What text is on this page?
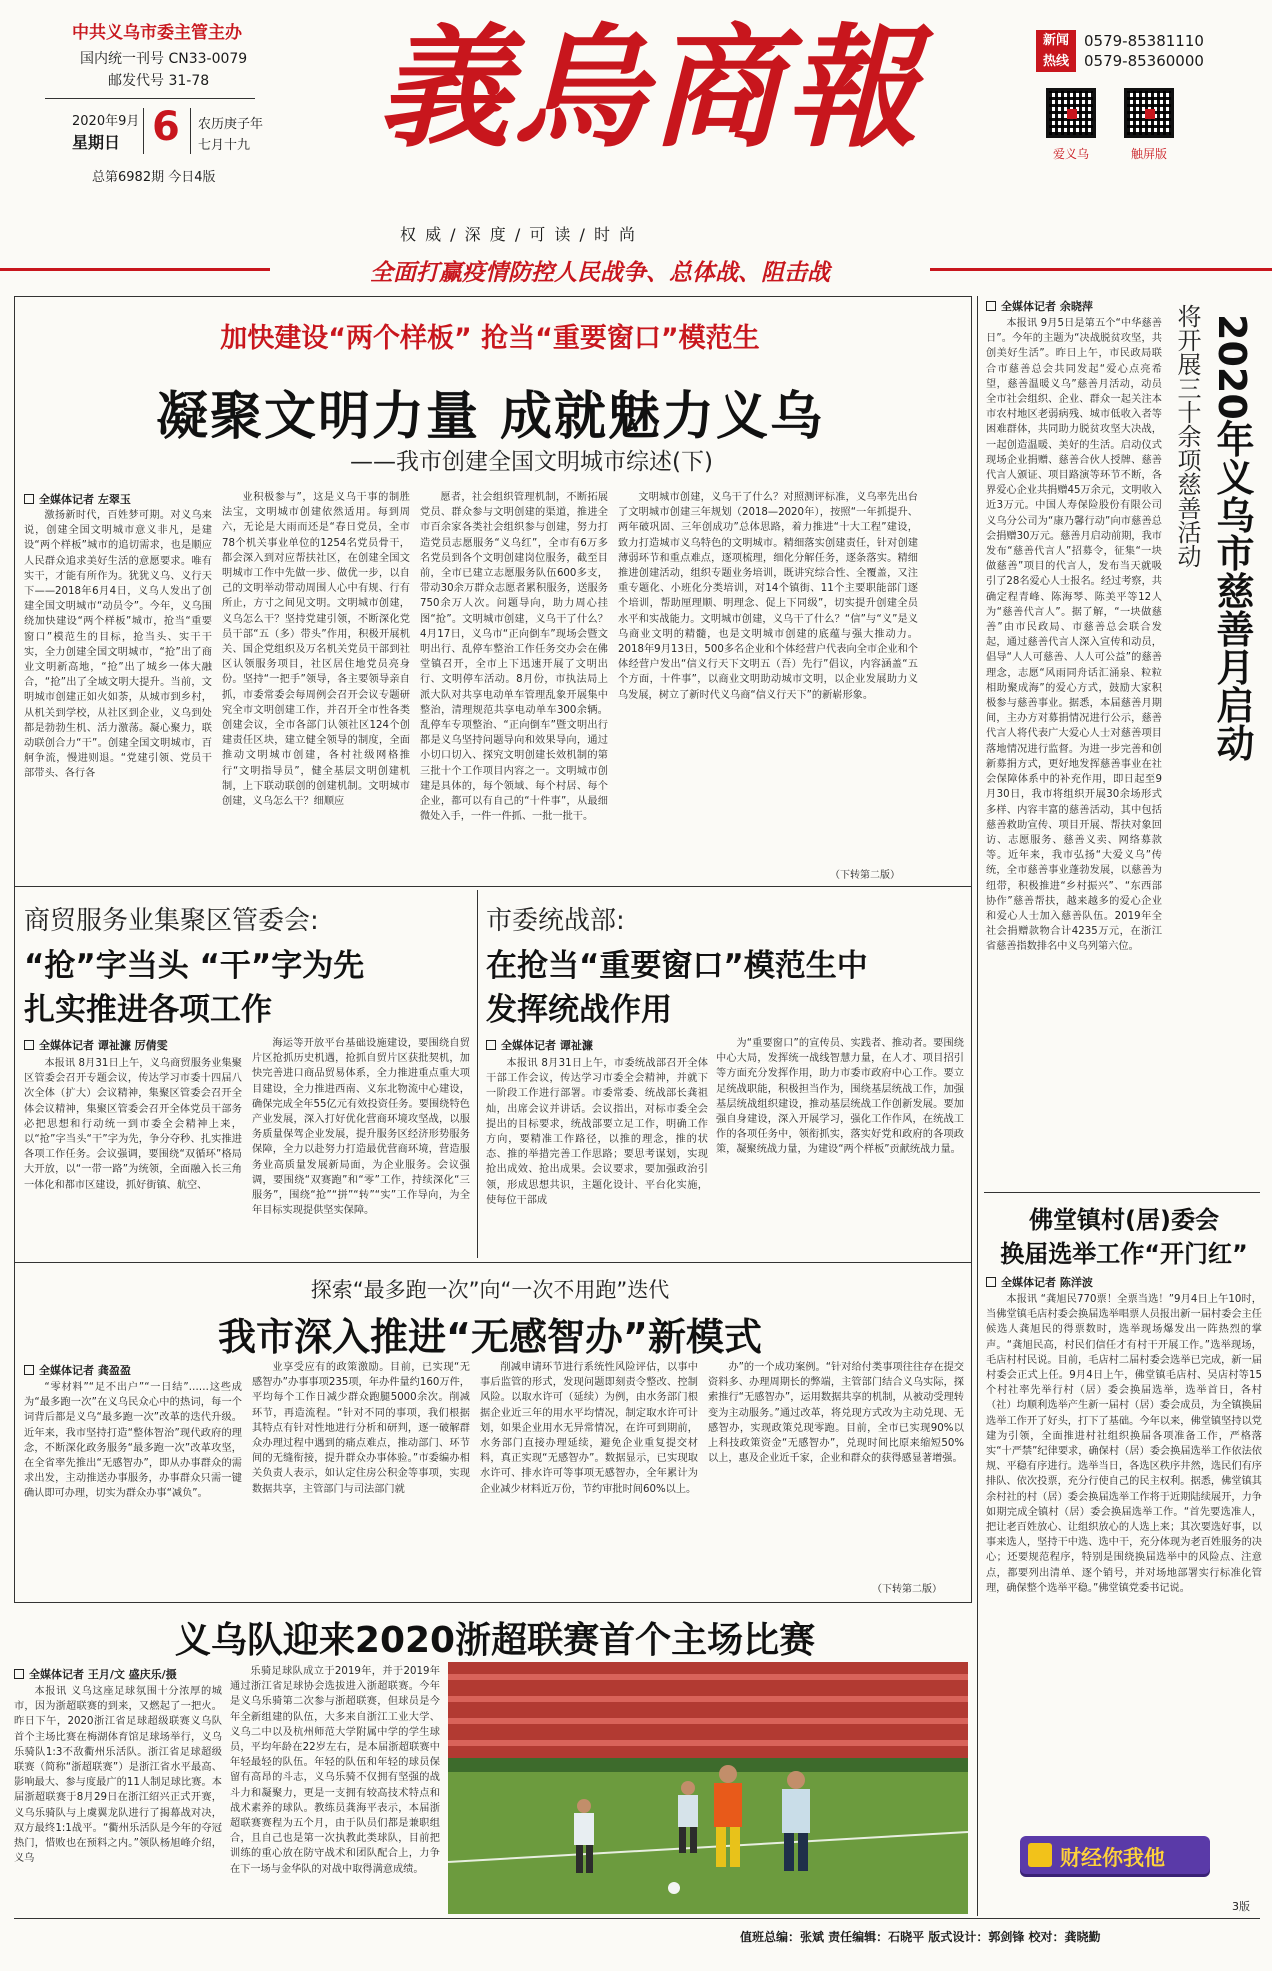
中共义乌市委主管主办
国内统一刊号 CN33-0079
邮发代号 31-78
2020年9月
星期日 6 农历庚子年
七月十九
总第6982期 今日4版
義烏商報
权 威 / 深 度 / 可 读 / 时 尚
新闻
热线
0579-85381110
0579-85360000
爱义乌	触屏版
全面打赢疫情防控人民战争、总体战、阻击战
加快建设“两个样板” 抢当“重要窗口”模范生
凝聚文明力量 成就魅力义乌
——我市创建全国文明城市综述(下)
全媒体记者 左翠玉

激扬新时代，百姓梦可期。对义乌来说，创建全国文明城市意义非凡，是建设“两个样板”城市的追切需求，也是顺应人民群众追求美好生活的意愿要求。唯有实干，才能有所作为。犹犹义乌、义行天下——2018年6月4日，义乌人发出了创建全国文明城市“动员令”。今年，义乌围绕加快建设“两个样板”城市，抢当“重要窗口”模范生的目标，抢当头、实干干实，全力创建全国文明城市，“抢”出了商业文明新高地，“抢”出了城乡一体大融合，“抢”出了全域文明大提升。当前，文明城市创建正如火如荼，从城市到乡村，从机关到学校，从社区到企业，义乌到处都是勃勃生机、活力激荡。凝心聚力，联动联创合力“干”。创建全国文明城市，百舸争流，慢进则退。“党建引领、党员干部带头、各行各

业积极参与”，这是义乌干事的制胜法宝，文明城市创建依然适用。每到周六，无论是大雨而还是“春日党员，全市78个机关事业单位的1254名党员骨干，都会深入到对应帮扶社区，在创建全国文明城市工作中先做一步、做优一步，以自己的文明举动带动周围人心中有规、行有所止，方寸之间见文明。文明城市创建，义乌怎么干？坚持党建引领，不断深化党员干部“五（多）带头”作用，积极开展机关、国企党组织及万名机关党员干部到社区认领服务项目，社区居住地党员亮身份。坚持“一把手”领导，各主要领导亲自抓，市委常委会每周例会召开会议专题研究全市文明创建工作，并召开全市性各类创建会议，全市各部门认领社区124个创建责任区块，建立健全领导的制度，全面推动文明城市创建，各村社级网格推行“文明指导员”，健全基层文明创建机制，上下联动联创的创建机制。文明城市创建，义乌怎么干？细顺应

愿者，社会组织管理机制，不断拓展党员、群众参与文明创建的渠道，推进全市百余家各类社会组织参与创建，努力打造党员志愿服务“义乌红”，全市有6万多名党员到各个文明创建岗位服务，截至目前，全市已建立志愿服务队伍600多支，带动30余万群众志愿者累积服务，送服务750余万人次。问题导向，助力周心挂图“抢”。文明城市创建，义乌干了什么？4月17日，义乌市“正向倒车”现场会暨文明出行、乱停车整治工作任务交办会在佛堂镇召开，全市上下迅速开展了文明出行、文明停车活动。8月份，市执法局上派大队对共享电动单车管理乱象开展集中整治，清理规范共享电动单车300余辆。乱停车专项整治、“正向倒车”暨文明出行都是义乌坚持问题导向和效果导向，通过小切口切入、探究文明创建长效机制的第三批十个工作项目内容之一。文明城市创建是具体的，每个领域、每个村居、每个企业，都可以有自己的“十件事”，从最细微处入手，一件一件抓、一批一批干。

文明城市创建，义乌干了什么？对照测评标准，义乌率先出台了文明城市创建三年规划（2018—2020年），按照“一年抓提升、两年破巩固、三年创成功”总体思路，着力推进“十大工程”建设，致力打造城市义乌特色的文明城市。精细落实创建责任，针对创建薄弱环节和重点难点，逐项梳理，细化分解任务，逐条落实。精细推进创建活动，组织专题业务培训，既讲究综合性、全覆盖，又注重专题化、小班化分类培训，对14个镇街、11个主要职能部门逐个培训，帮助厘理顺、明理念、促上下同级”，切实提升创建全员水平和实战能力。文明城市创建，义乌干了什么？“信”与“义”是义乌商业文明的精髓，也是文明城市创建的底蕴与强大推动力。2018年9月13日，500多名企业和个体经营户代表向全市企业和个体经营户发出“信义行天下文明五（吾）先行”倡议，内容涵盖“五个方面，十件事”，以商业文明助动城市文明，以企业发展助力义乌发展，树立了新时代义乌商“信义行天下”的新崭形象。

（下转第二版）
商贸服务业集聚区管委会:
“抢”字当头 “干”字为先
扎实推进各项工作
全媒体记者 谭祉濂 厉倩雯

本报讯 8月31日上午，义乌商贸服务业集聚区管委会召开专题会议，传达学习市委十四届八次全体（扩大）会议精神，集聚区管委会召开全体会议精神，集聚区管委会召开全体党员干部务必把思想和行动统一到市委全会精神上来，以“抢”字当头“干”字为先，争分夺秒、扎实推进各项工作任务。会议强调，要围绕“双循环”格局大开放，以“一带一路”为统领，全面融入长三角一体化和都市区建设，抓好街镇、航空、

海运等开放平台基础设施建设，要围绕自贸片区抢抓历史机遇，抢抓自贸片区获批契机，加快完善进口商品贸易体系，全力推进重点重大项目建设，全力推进西南、义东北物流中心建设，确保完成全年55亿元有效投资任务。要围绕特色产业发展，深入打好优化营商环境攻坚战，以服务质量保驾企业发展，提升服务区经济形势服务保障，全力以赴努力打造最优营商环境，营造服务业高质量发展新局面，为企业服务。会议强调，要围绕“双赛跑”和“零”工作，持续深化“三服务”，围绕“抢”“拼”“转”“实”工作导向，为全年目标实现提供坚实保障。

市委统战部:
在抢当“重要窗口”模范生中
发挥统战作用
全媒体记者 谭祉濂

本报讯 8月31日上午，市委统战部召开全体干部工作会议，传达学习市委全会精神，并就下一阶段工作进行部署。市委常委、统战部长龚祖灿，出席会议并讲话。会议指出，对标市委全会提出的目标要求，统战部要立足工作，明确工作方向，要精准工作路径，以推的理念，推的状态、推的举措完善工作思路；要思考谋划，实现抢出成效、抢出成果。会议要求，要加强政治引领，形成思想共识，主题化设计、平台化实施，使每位干部成

为“重要窗口”的宣传员、实践者、推动者。要围绕中心大局，发挥统一战线智慧力量，在人才、项目招引等方面充分发挥作用，助力市委市政府中心工作。要立足统战职能，积极担当作为，围绕基层统战工作，加强基层统战组织建设，推动基层统战工作创新发展。要加强自身建设，深入开展学习，强化工作作风，在统战工作的各项任务中，领衔抓实，落实好党和政府的各项政策，凝聚统战力量，为建设“两个样板”贡献统战力量。

探索“最多跑一次”向“一次不用跑”迭代
我市深入推进“无感智办”新模式
全媒体记者 龚盈盈

“零材料”“足不出户”“一日结”……这些成为“最多跑一次”在义乌民众心中的热词，每一个词背后都是义乌“最多跑一次”改革的迭代升级。近年来，我市坚持打造“整体智治”现代政府的理念，不断深化政务服务“最多跑一次”改革攻坚，在全省率先推出“无感智办”，即从办事群众的需求出发，主动推送办事服务，办事群众只需一键确认即可办理，切实为群众办事“减负”。

业享受应有的政策激励。目前，已实现“无感智办”办事事项235项，年办件量约160万件，平均每个工作日减少群众跑腿5000余次。削减环节，再造流程。“针对不同的事项，我们根据其特点有针对性地进行分析和研判，逐一破解群众办理过程中遇到的痛点难点，推动部门、环节间的无缝衔接，提升群众办事体验。”市委编办相关负责人表示，如认定住房公积金等事项，实现数据共享，主管部门与司法部门就

削减申请环节进行系统性风险评估，以事中事后监管的形式，发现问题即刻责令整改、控制风险。以取水许可（延续）为例，由水务部门根据企业近三年的用水平均情况，制定取水许可计划，如果企业用水无异常情况，在许可到期前，水务部门直接办理延续，避免企业重复提交材料，真正实现“无感智办”。数据显示，已实现取水许可、排水许可等事项无感智办，全年累计为企业减少材料近万份，节约审批时间60%以上。

办”的一个成功案例。“针对给付类事项往往存在提交资料多、办理周期长的弊端，主管部门结合义乌实际，探索推行“无感智办”，运用数据共享的机制，从被动受理转变为主动服务。”通过改革，将兑现方式改为主动兑现、无感智办，实现政策兑现零跑。目前，全市已实现90%以上科技政策资金“无感智办”，兑现时间比原来缩短50%以上，惠及企业近千家，企业和群众的获得感显著增强。

（下转第二版）
义乌队迎来2020浙超联赛首个主场比赛
全媒体记者 王月/文 盛庆乐/摄

本报讯 义乌这座足球氛围十分浓厚的城市，因为浙超联赛的到来，又燃起了一把火。昨日下午，2020浙江省足球超级联赛义乌队首个主场比赛在梅湖体育馆足球场举行，义乌乐骑队1:3不敌衢州乐活队。浙江省足球超级联赛（简称“浙超联赛”）是浙江省水平最高、影响最大、参与度最广的11人制足球比赛。本届浙超联赛于8月29日在浙江绍兴正式开赛，义乌乐骑队与上虞翼龙队进行了揭幕战对决，双方最终1:1战平。“衢州乐活队是今年的夺冠热门，惜败也在预料之内。”领队杨旭峰介绍，义乌

乐骑足球队成立于2019年，并于2019年通过浙江省足球协会选拔进入浙超联赛。今年是义乌乐骑第二次参与浙超联赛，但球员是今年全新组建的队伍，大多来自浙江工业大学、义乌二中以及杭州师范大学附属中学的学生球员，平均年龄在22岁左右，是本届浙超联赛中年轻最轻的队伍。年轻的队伍和年轻的球员保留有高昂的斗志，义乌乐骑不仅拥有坚强的战斗力和凝聚力，更是一支拥有较高技术特点和战术素养的球队。教练员龚海平表示，本届浙超联赛赛程为五个月，由于队员们都是兼职组合，且自己也是第一次执教此类球队，目前把训练的重心放在防守战术和团队配合上，力争在下一场与金华队的对战中取得满意成绩。

全媒体记者 余晓萍
2020年义乌市慈善月启动
将开展三十余项慈善活动

本报讯 9月5日是第五个“中华慈善日”。今年的主题为“决战脱贫攻坚，共创美好生活”。昨日上午，市民政局联合市慈善总会共同发起“爱心点亮希望，慈善温暖义乌”慈善月活动，动员全市社会组织、企业、群众一起关注本市农村地区老弱病残、城市低收入者等困难群体，共同助力脱贫攻坚大决战，一起创造温暖、美好的生活。启动仪式现场企业捐赠、慈善合伙人授牌、慈善代言人颁证、项目路演等环节不断，各界爱心企业共捐赠45万余元，文明收入近3万元。中国人寿保险股份有限公司义乌分公司为“康乃馨行动”向市慈善总会捐赠30万元。慈善月启动前期，我市发布“慈善代言人”招募令，征集“一块做慈善”项目的代言人，发布当天就吸引了28名爱心人士报名。经过考察，共确定程青峰、陈海琴、陈美平等12人为“慈善代言人”。据了解，“一块做慈善”由市民政局、市慈善总会联合发起，通过慈善代言人深入宣传和动员，倡导“人人可慈善、人人可公益”的慈善理念，志愿“风雨同舟话汇涌泉、粒粒相助聚成海”的爱心方式，鼓励大家积极参与慈善事业。据悉，本届慈善月期间，主办方对募捐情况进行公示，慈善代言人将代表广大爱心人士对慈善项目落地情况进行监督。为进一步完善和创新募捐方式，更好地发挥慈善事业在社会保障体系中的补充作用，即日起至9月30日，我市将组织开展30余场形式多样、内容丰富的慈善活动，其中包括慈善救助宣传、项目开展、帮扶对象回访、志愿服务、慈善义卖、网络募款等。近年来，我市弘扬“大爱义乌”传统，全市慈善事业蓬勃发展，以慈善为纽带，积极推进“乡村振兴”、“东西部协作”慈善帮扶，越来越多的爱心企业和爱心人士加入慈善队伍。2019年全社会捐赠款物合计4235万元，在浙江省慈善指数排名中义乌列第六位。

佛堂镇村(居)委会
换届选举工作“开门红”
全媒体记者 陈洋波

本报讯 “龚旭民770票！全票当选！”9月4日上午10时，当佛堂镇毛店村委会换届选举唱票人员报出新一届村委会主任候选人龚旭民的得票数时，选举现场爆发出一阵热烈的掌声。“龚旭民高，村民们信任才有村干开展工作。”选举现场，毛店村村民说。目前，毛店村二届村委会选举已完成，新一届村委会正式上任。9月4日上午，佛堂镇毛店村、吴店村等15个村社率先举行村（居）委会换届选举，选举首日，各村（社）均顺利选举产生新一届村（居）委会成员，为全镇换届选举工作开了好头，打下了基础。今年以来，佛堂镇坚持以党建为引领，全面推进村社组织换届各项准备工作，严格落实“十严禁”纪律要求，确保村（居）委会换届选举工作依法依规、平稳有序进行。选举当日，各选区秩序井然，选民们有序排队、依次投票，充分行使自己的民主权利。据悉，佛堂镇其余村社的村（居）委会换届选举工作将于近期陆续展开，力争如期完成全镇村（居）委会换届选举工作。“首先要选准人，把让老百姓放心、让组织放心的人选上来；其次要选好事，以事来选人，坚持干中选、选中干，充分体现为老百姓服务的决心；还要规范程序，特别是围绕换届选举中的风险点、注意点，都要列出清单、逐个销号，并对场地部署实行标准化管理，确保整个选举平稳。”佛堂镇党委书记说。

财经你我他
3版
值班总编：张斌 责任编辑：石晓平 版式设计：郭剑锋 校对：龚晓勤
